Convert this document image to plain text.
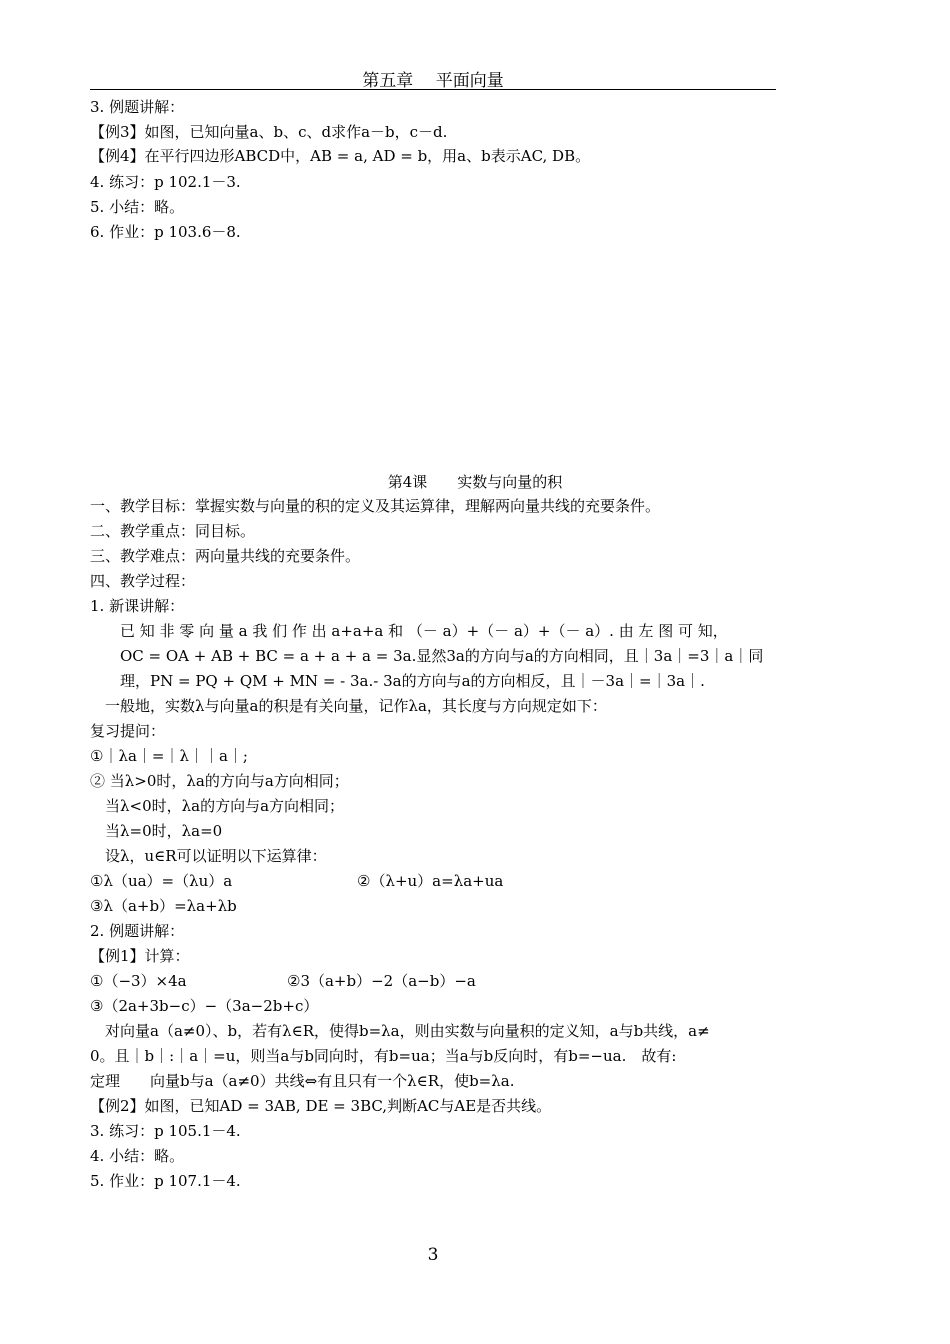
第五章　 平面向量
3. 例题讲解：
【例3】如图，已知向量a、b、c、d求作a－b，c－d.
【例4】在平行四边形ABCD中，AB = a, AD = b，用a、b表示AC, DB。
4. 练习：p 102.1－3.
5. 小结：略。
6. 作业：p 103.6－8.
第4课　　实数与向量的积
一、教学目标：掌握实数与向量的积的定义及其运算律，理解两向量共线的充要条件。
二、教学重点：同目标。
三、教学难点：两向量共线的充要条件。
四、教学过程：
1. 新课讲解：
已 知 非 零 向 量 a 我 们 作 出 a+a+a 和 （－ a）+（－ a）+（－ a）. 由 左 图 可 知，
OC = OA + AB + BC = a + a + a = 3a.显然3a的方向与a的方向相同，且｜3a｜=3｜a｜同
理，PN = PQ + QM + MN = - 3a.- 3a的方向与a的方向相反，且｜－3a｜=｜3a｜.
一般地，实数λ与向量a的积是有关向量，记作λa，其长度与方向规定如下：
复习提问：
①｜λa｜=｜λ｜｜a｜;
② 当λ>0时，λa的方向与a方向相同；
当λ<0时，λa的方向与a方向相同；
当λ=0时，λa=0
设λ，u∈R可以证明以下运算律：
①λ（ua）=（λu）a	②（λ+u）a=λa+ua
③λ（a+b）=λa+λb
2. 例题讲解：
【例1】计算：
①（−3）×4a	②3（a+b）−2（a−b）−a
③（2a+3b−c）−（3a−2b+c）
对向量a（a≠0）、b，若有λ∈R，使得b=λa，则由实数与向量积的定义知，a与b共线，a≠
0。且｜b｜:｜a｜=u，则当a与b同向时，有b=ua；当a与b反向时，有b=−ua.　故有:
定理　　向量b与a（a≠0）共线⇔有且只有一个λ∈R，使b=λa.
【例2】如图，已知AD = 3AB, DE = 3BC,判断AC与AE是否共线。
3. 练习：p 105.1－4.
4. 小结：略。
5. 作业：p 107.1－4.
3
